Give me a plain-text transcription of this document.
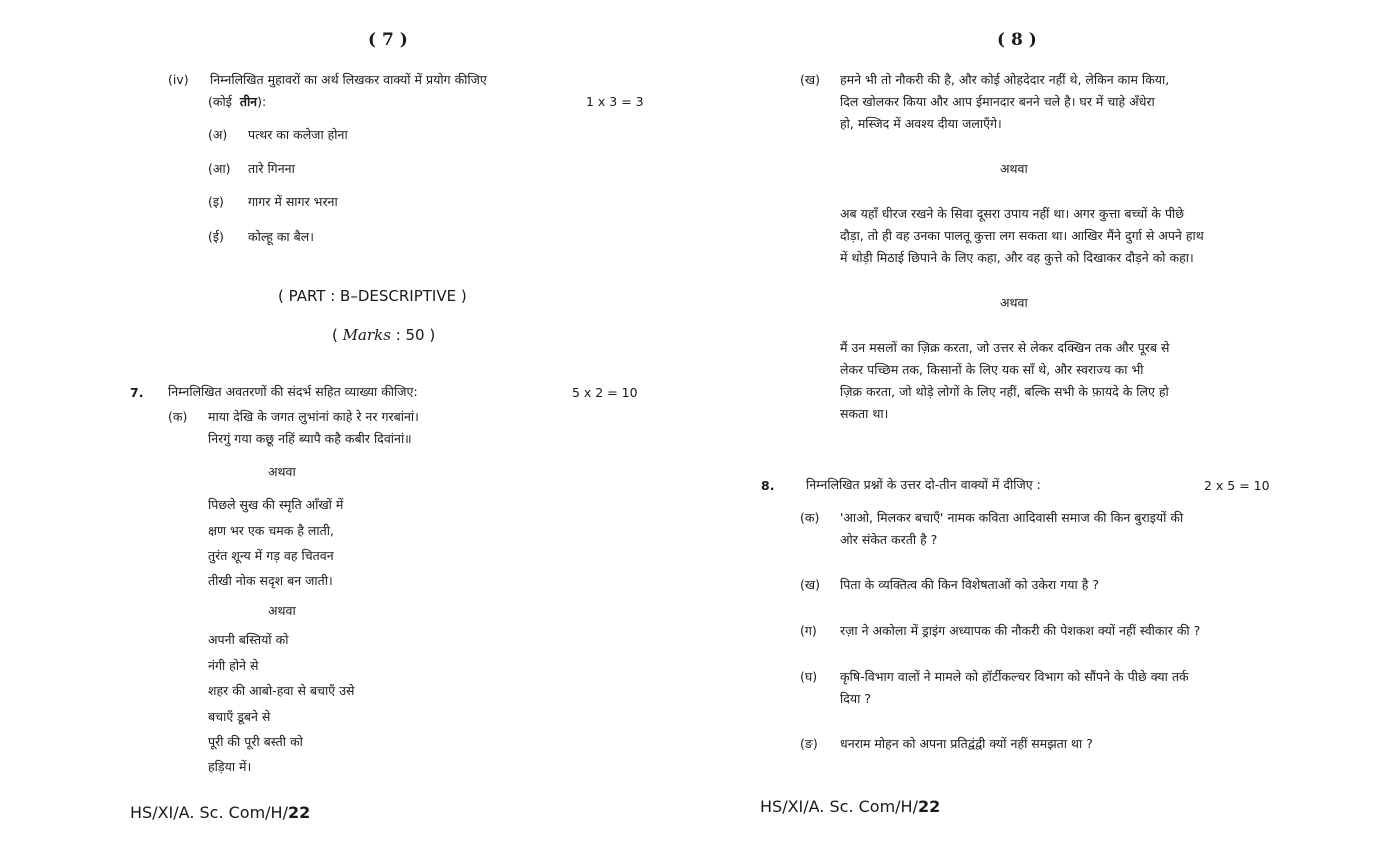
( 7 )
(iv) निम्नलिखित मुहावरों का अर्थ लिखकर वाक्यों में प्रयोग कीजिए
(कोई तीन):	1 x 3 = 3
(अ) पत्थर का कलेजा होना
(आ) तारे गिनना
(इ) गागर में सागर भरना
(ई) कोल्हू का बैल।
( PART : B–DESCRIPTIVE )
( Marks : 50 )
7. निम्नलिखित अवतरणों की संदर्भ सहित व्याख्या कीजिए:	5 x 2 = 10
(क) माया देखि के जगत लुभांनां काहे रे नर गरबांनां।
निरगुं गया कछू नहिं ब्यापै कहै कबीर दिवांनां॥
अथवा
पिछले सुख की स्मृति आँखों में
क्षण भर एक चमक है लाती,
तुरंत शून्य में गड़ वह चितवन
तीखी नोक सदृश बन जाती।
अथवा
अपनी बस्तियों को
नंगी होने से
शहर की आबो-हवा से बचाएँ उसे
बचाएँ डूबने से
पूरी की पूरी बस्ती को
हड़िया में।
HS/XI/A. Sc. Com/H/22
( 8 )
(ख) हमने भी तो नौकरी की है, और कोई ओहदेदार नहीं थे, लेकिन काम किया,
दिल खोलकर किया और आप ईमानदार बनने चले है। घर में चाहे अँधेरा
हो, मस्जिद में अवश्य दीया जलाएँगे।
अथवा
अब यहाँ धीरज रखने के सिवा दूसरा उपाय नहीं था। अगर कुत्ता बच्चों के पीछे
दौड़ा, तो ही वह उनका पालतू कुत्ता लग सकता था। आखिर मैंने दुर्गा से अपने हाथ
में थोड़ी मिठाई छिपाने के लिए कहा, और वह कुत्ते को दिखाकर दौड़ने को कहा।
अथवा
मैं उन मसलों का ज़िक्र करता, जो उत्तर से लेकर दक्खिन तक और पूरब से
लेकर पच्छिम तक, किसानों के लिए यक साँ थे, और स्वराज्य का भी
ज़िक्र करता, जो थोड़े लोगों के लिए नहीं, बल्कि सभी के फ़ायदे के लिए हो
सकता था।
8.	निम्नलिखित प्रश्नों के उत्तर दो-तीन वाक्यों में दीजिए :	2 x 5 = 10
(क) 'आओ, मिलकर बचाएँ' नामक कविता आदिवासी समाज की किन बुराइयों की
ओर संकेत करती है ?
(ख) पिता के व्यक्तित्व की किन विशेषताओं को उकेरा गया है ?
(ग) रज़ा ने अकोला में ड्राइंग अध्यापक की नौकरी की पेशकश क्यों नहीं स्वीकार की ?
(घ) कृषि-विभाग वालों ने मामले को हॉर्टीकल्चर विभाग को सौंपने के पीछे क्या तर्क
दिया ?
(ङ) धनराम मोहन को अपना प्रतिद्वंद्वी क्यों नहीं समझता था ?
HS/XI/A. Sc. Com/H/22
